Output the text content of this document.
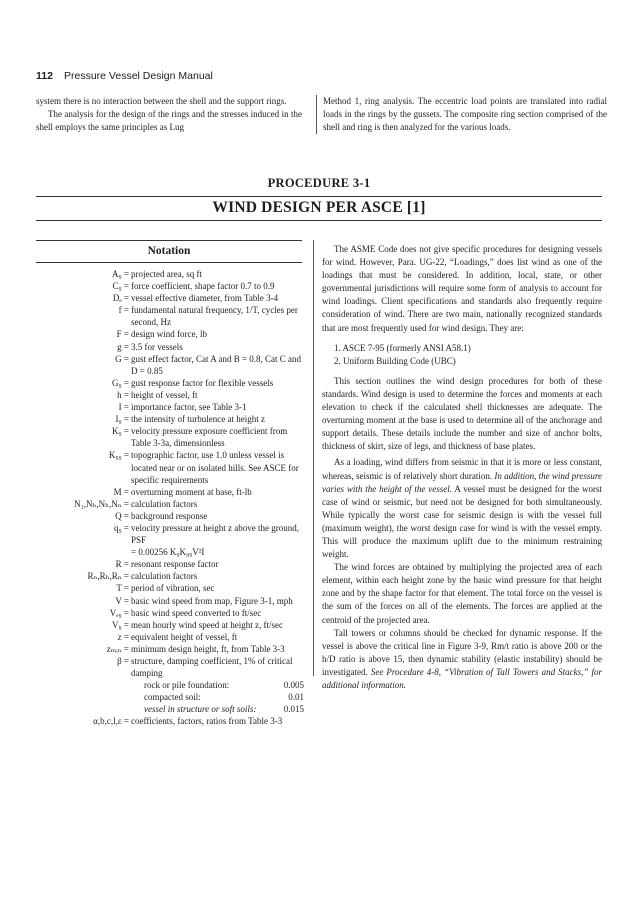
112 Pressure Vessel Design Manual

system there is no interaction between the shell and the support rings.

The analysis for the design of the rings and the stresses induced in the shell employs the same principles as Lug

Method 1, ring analysis. The eccentric load points are translated into radial loads in the rings by the gussets. The composite ring section comprised of the shell and ring is then analyzed for the various loads.

PROCEDURE 3-1
WIND DESIGN PER ASCE [1]
Notation
A₉ = projected area, sq ft
C₉ = force coefficient, shape factor 0.7 to 0.9
Dₑ = vessel effective diameter, from Table 3-4
f = fundamental natural frequency, 1/T, cycles per second, Hz
F = design wind force, lb
g = 3.5 for vessels
G = gust effect factor, Cat A and B = 0.8, Cat C and D = 0.85
G₉ = gust response factor for flexible vessels
h = height of vessel, ft
I = importance factor, see Table 3-1
I₉ = the intensity of turbulence at height z
K₉ = velocity pressure exposure coefficient from Table 3-3a, dimensionless
K₉₉ = topographic factor, use 1.0 unless vessel is located near or on isolated hills. See ASCE for specific requirements
M = overturning moment at base, ft-lb
N₁,Nₕ,Nₕ,Nₙ = calculation factors
Q = background response
q₉ = velocity pressure at height z above the ground, PSF
= 0.00256 K₉K₉₉V²I
R = resonant response factor
Rₙ,Rₕ,Rₙ = calculation factors
T = period of vibration, sec
V = basic wind speed from map, Figure 3-1, mph
Vₑ₉ = basic wind speed converted to ft/sec
V₉ = mean hourly wind speed at height z, ft/sec
z = equivalent height of vessel, ft
zₘᵢₙ = minimum design height, ft, from Table 3-3
β = structure, damping coefficient, 1% of critical damping
rock or pile foundation:	0.005
compacted soil:	0.01
vessel in structure or soft soils:	0.015
α,b,c,l,ε = coefficients, factors, ratios from Table 3-3

The ASME Code does not give specific procedures for designing vessels for wind. However, Para. UG-22, “Loadings,” does list wind as one of the loadings that must be considered. In addition, local, state, or other governmental jurisdictions will require some form of analysis to account for wind loadings. Client specifications and standards also frequently require consideration of wind. There are two main, nationally recognized standards that are most frequently used for wind design. They are:

1. ASCE 7-95 (formerly ANSI A58.1)

2. Uniform Building Code (UBC)

This section outlines the wind design procedures for both of these standards. Wind design is used to determine the forces and moments at each elevation to check if the calculated shell thicknesses are adequate. The overturning moment at the base is used to determine all of the anchorage and support details. These details include the number and size of anchor bolts, thickness of skirt, size of legs, and thickness of base plates.

As a loading, wind differs from seismic in that it is more or less constant, whereas, seismic is of relatively short duration. In addition, the wind pressure varies with the height of the vessel. A vessel must be designed for the worst case of wind or seismic, but need not be designed for both simultaneously. While typically the worst case for seismic design is with the vessel full (maximum weight), the worst design case for wind is with the vessel empty. This will produce the maximum uplift due to the minimum restraining weight.

The wind forces are obtained by multiplying the projected area of each element, within each height zone by the basic wind pressure for that height zone and by the shape factor for that element. The total force on the vessel is the sum of the forces on all of the elements. The forces are applied at the centroid of the projected area.

Tall towers or columns should be checked for dynamic response. If the vessel is above the critical line in Figure 3-9, Rm/t ratio is above 200 or the h/D ratio is above 15, then dynamic stability (elastic instability) should be investigated. See Procedure 4-8, “Vibration of Tall Towers and Stacks,” for additional information.
